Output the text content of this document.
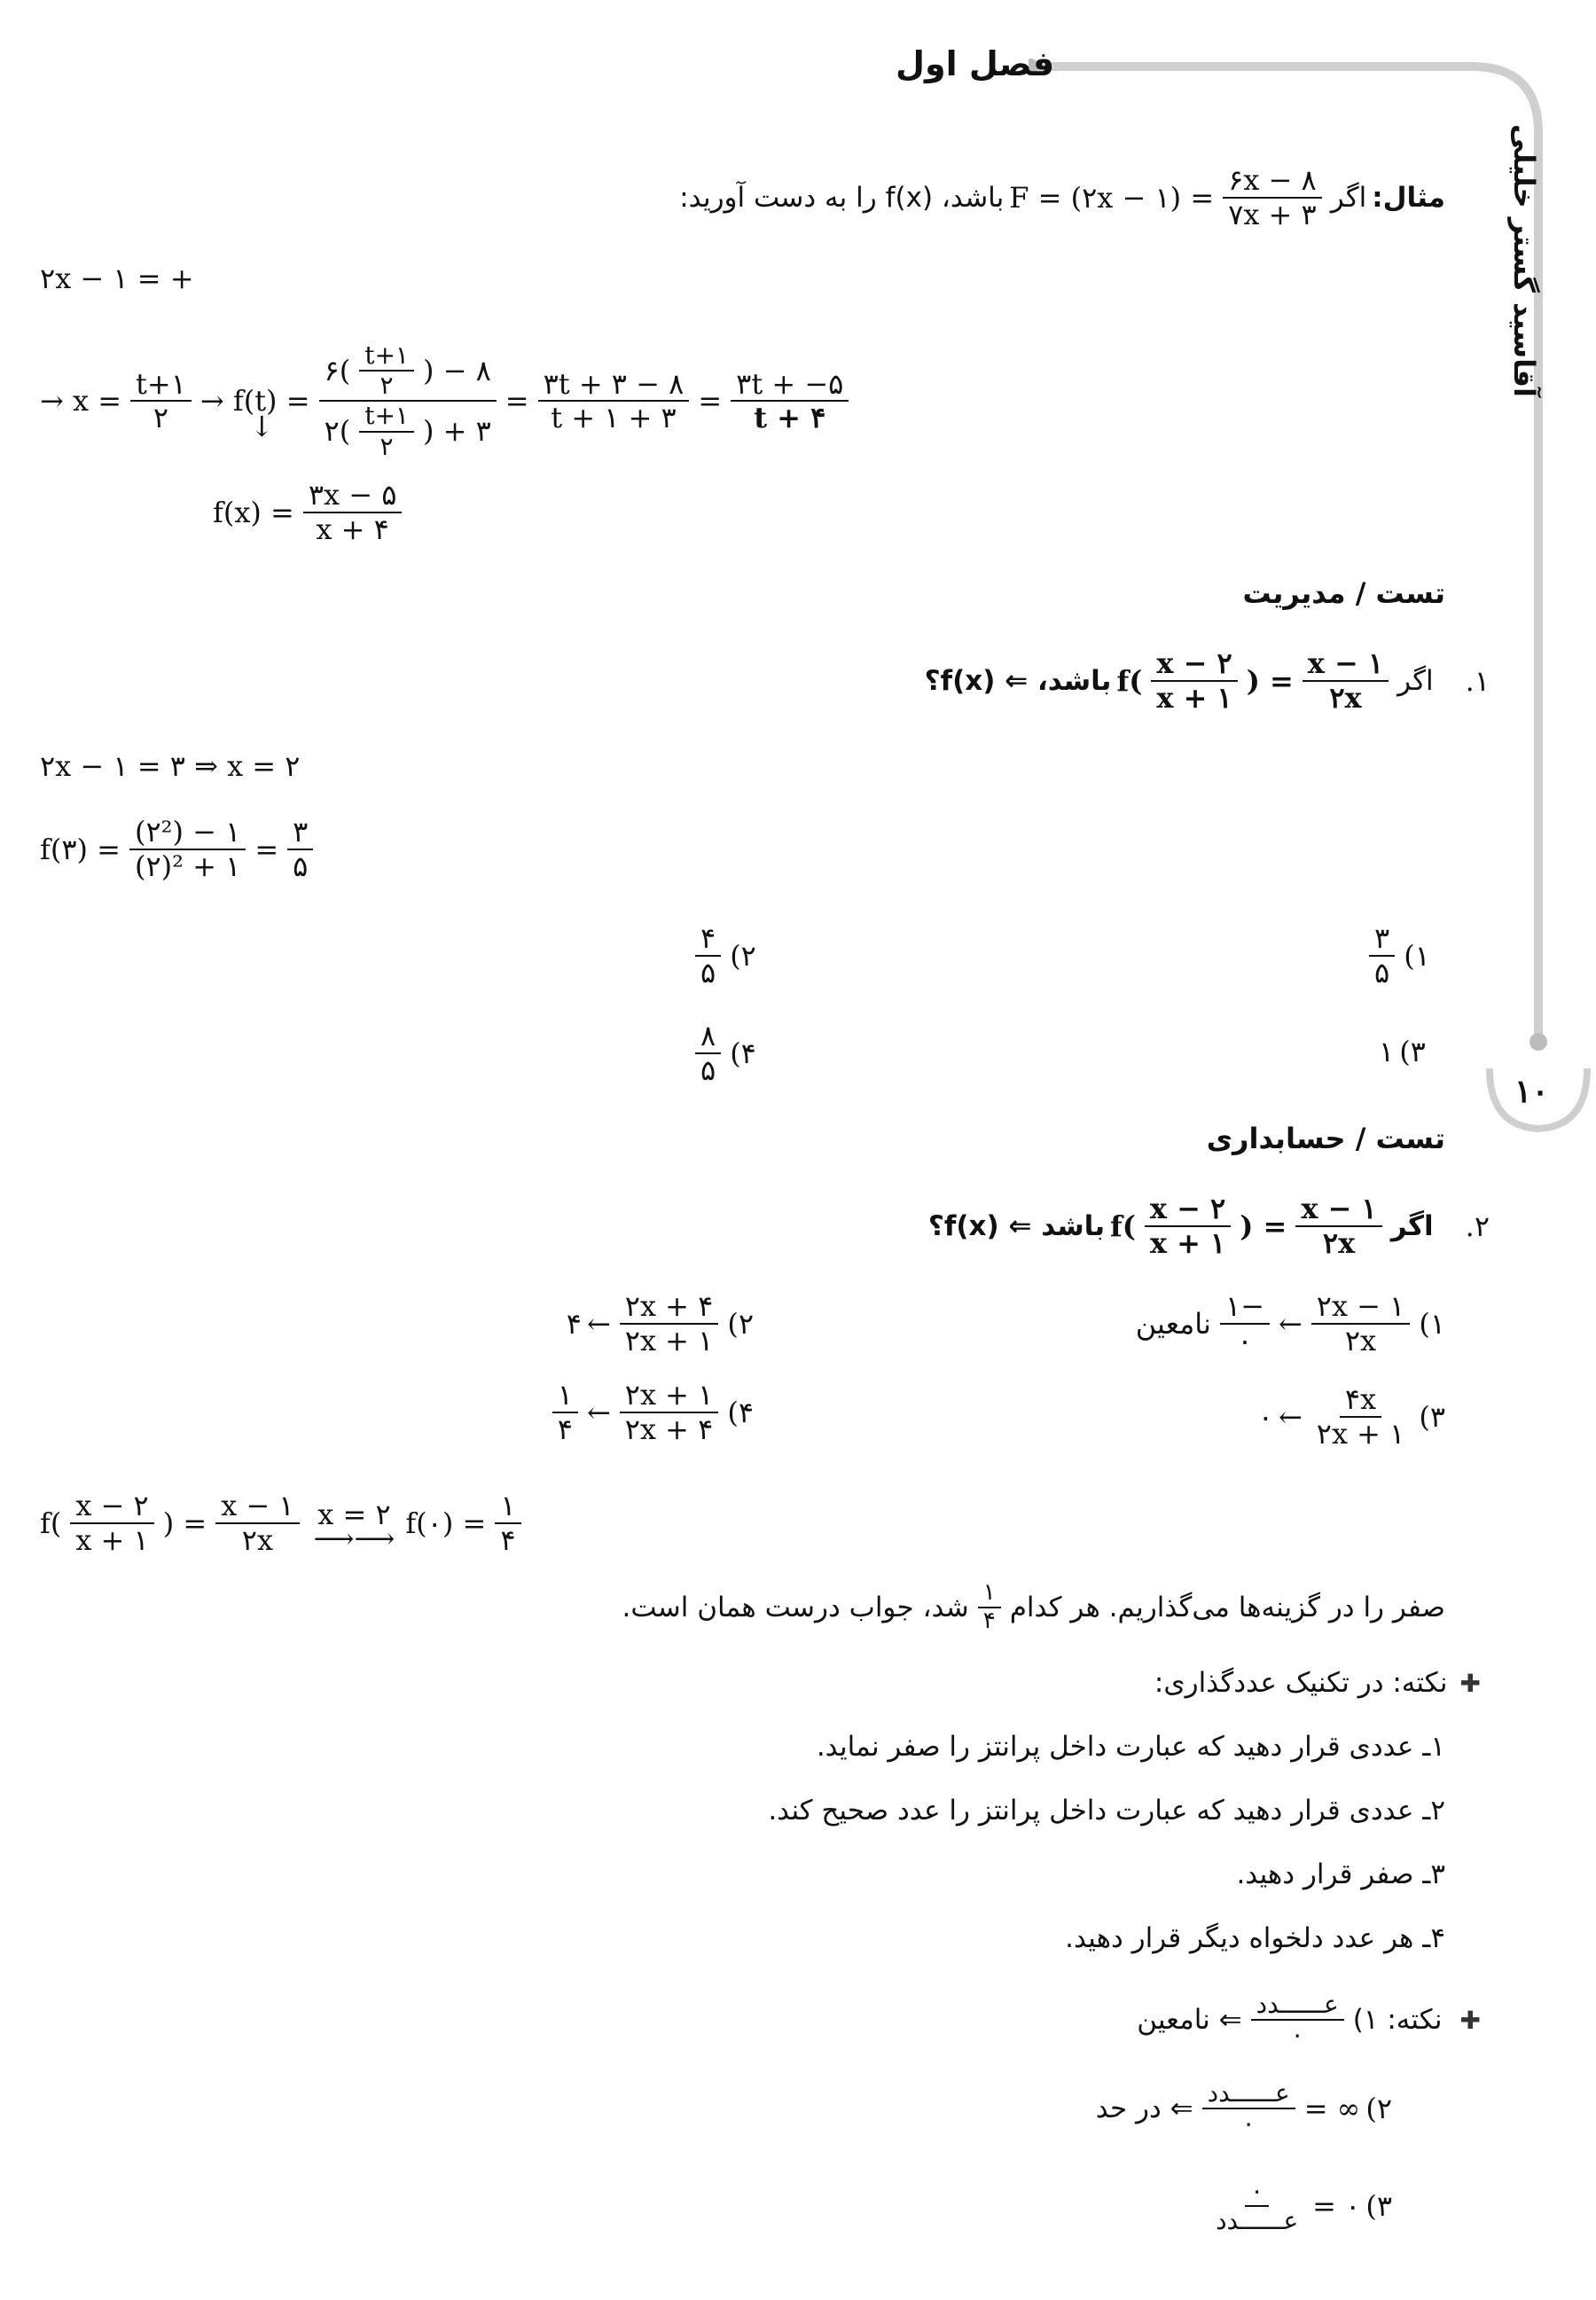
فصل اول
آقاسید گستر خلیلی
۱۰
مثال:
اگر
F = (۲x − ۱) = $\frac{۶x - ۸}{۷x + ۳}$
باشد، f(x) را به دست آورید:
۲x − ۱ = +
→ $x = \frac{t+۱}{۲} \to f(t) = \frac{۶( \frac{t+۱}{۲} ) - ۸}{۲( \frac{t+۱}{۲} ) + ۳} = \frac{۳t + ۳ - ۸}{t + ۱ + ۳} = \frac{۳t + -۵}{t + ۴}$
↓
$f(x) = \frac{۳x - ۵}{x + ۴}$
تست / مدیریت
۱.
اگر
$f( \frac{x - ۲}{x + ۱}$ ) = $\frac{x - ۱}{۲x}$
باشد، ⇐ f(x)؟
۲x − ۱ = ۳ ⇒ x = ۲
f(۳) = $\frac{\text{(۲²) − ۱}}{\text{(۲)² + ۱}} = \frac{۳}{۵}$
۱)
$\frac{۳}{۵}$
۲)
$\frac{۴}{۵}$
۳)
۱
۴)
$\frac{۸}{۵}$
تست / حسابداری
۲.
اگر
$f( \frac{x - ۲}{x + ۱}$ ) = $\frac{x - ۱}{۲x}$
باشد ⇐ f(x)؟
۱)
$\frac{۲x - ۱}{۲x}$
←
$\frac{-۱}{۰}$
نامعین
۲)
$\frac{۲x + ۴}{۲x + ۱}$
←
۴
۳)
$\frac{۴x}{۲x + ۱}$
←
۰
۴)
$\frac{۲x + ۱}{۲x + ۴}$
←
$\frac{۱}{۴}$
$f( \frac{x - ۲}{x + ۱}$ ) = $\frac{x - ۱}{۲x}$ x = ۲
⟶⟶ f(۰) = $\frac{۱}{۴}$
صفر را در گزینه‌ها می‌گذاریم. هر کدام
$\frac{۱}{۴}$
شد، جواب درست همان است.
✚نکته: در تکنیک عددگذاری:
۱ـ عددی قرار دهید که عبارت داخل پرانتز را صفر نماید.
۲ـ عددی قرار دهید که عبارت داخل پرانتز را عدد صحیح کند.
۳ـ صفر قرار دهید.
۴ـ هر عدد دلخواه دیگر قرار دهید.
✚
نکته: ۱)
$\frac{\text{عــــــدد}}{۰}$
⇐ نامعین
۲)
∞ =
$\frac{\text{عــــــدد}}{۰}$
⇐ در حد
۳)
۰ =
$\frac{۰}{\text{عــــــدد}}$
